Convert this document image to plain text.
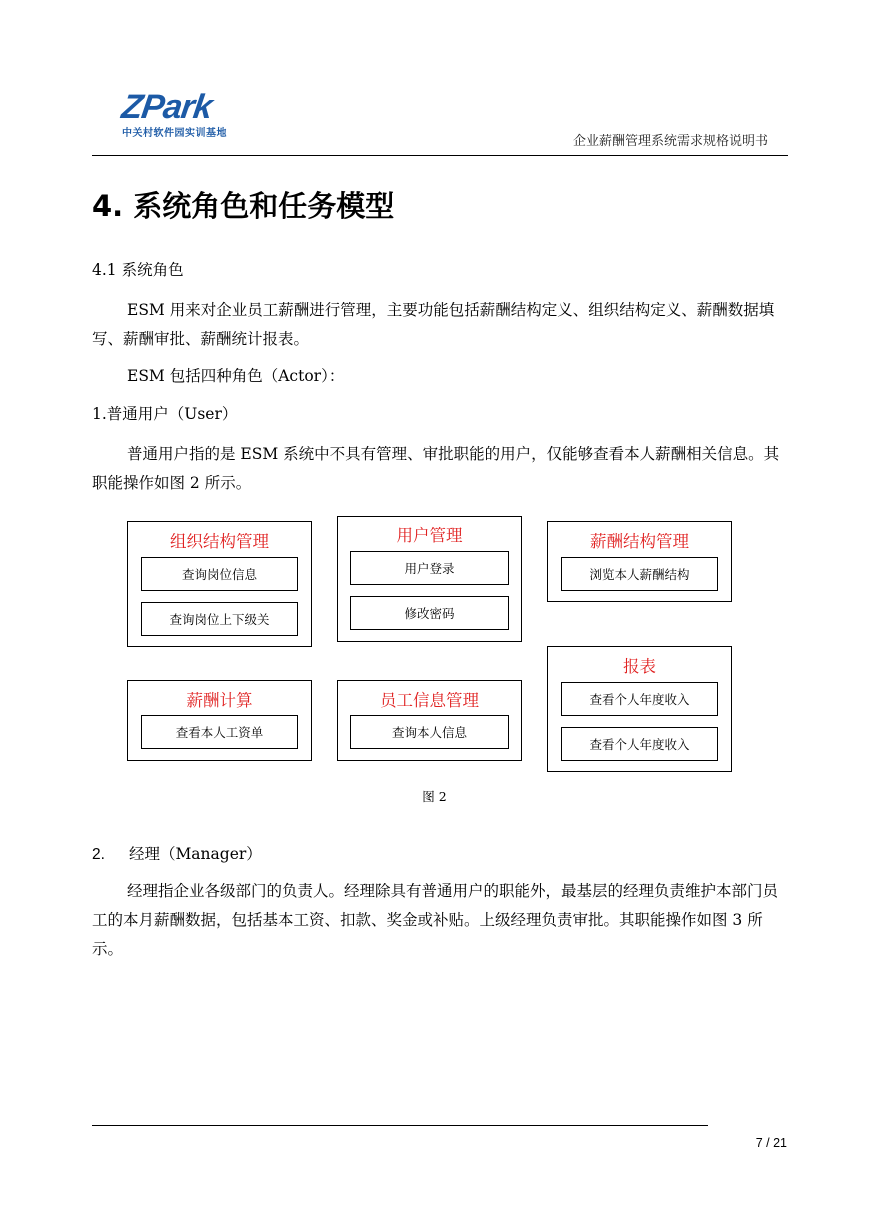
ZPark
中关村软件园实训基地
企业薪酬管理系统需求规格说明书
4. 系统角色和任务模型
4.1 系统角色
ESM 用来对企业员工薪酬进行管理，主要功能包括薪酬结构定义、组织结构定义、薪酬数据填写、薪酬审批、薪酬统计报表。
ESM 包括四种角色（Actor）：
1.普通用户（User）
普通用户指的是 ESM 系统中不具有管理、审批职能的用户，仅能够查看本人薪酬相关信息。其职能操作如图 2 所示。
组织结构管理
查询岗位信息
查询岗位上下级关
用户管理
用户登录
修改密码
薪酬结构管理
浏览本人薪酬结构
薪酬计算
查看本人工资单
员工信息管理
查询本人信息
报表
查看个人年度收入
查看个人年度收入
图 2
2. 经理（Manager）
经理指企业各级部门的负责人。经理除具有普通用户的职能外，最基层的经理负责维护本部门员工的本月薪酬数据，包括基本工资、扣款、奖金或补贴。上级经理负责审批。其职能操作如图 3 所示。
7 / 21
